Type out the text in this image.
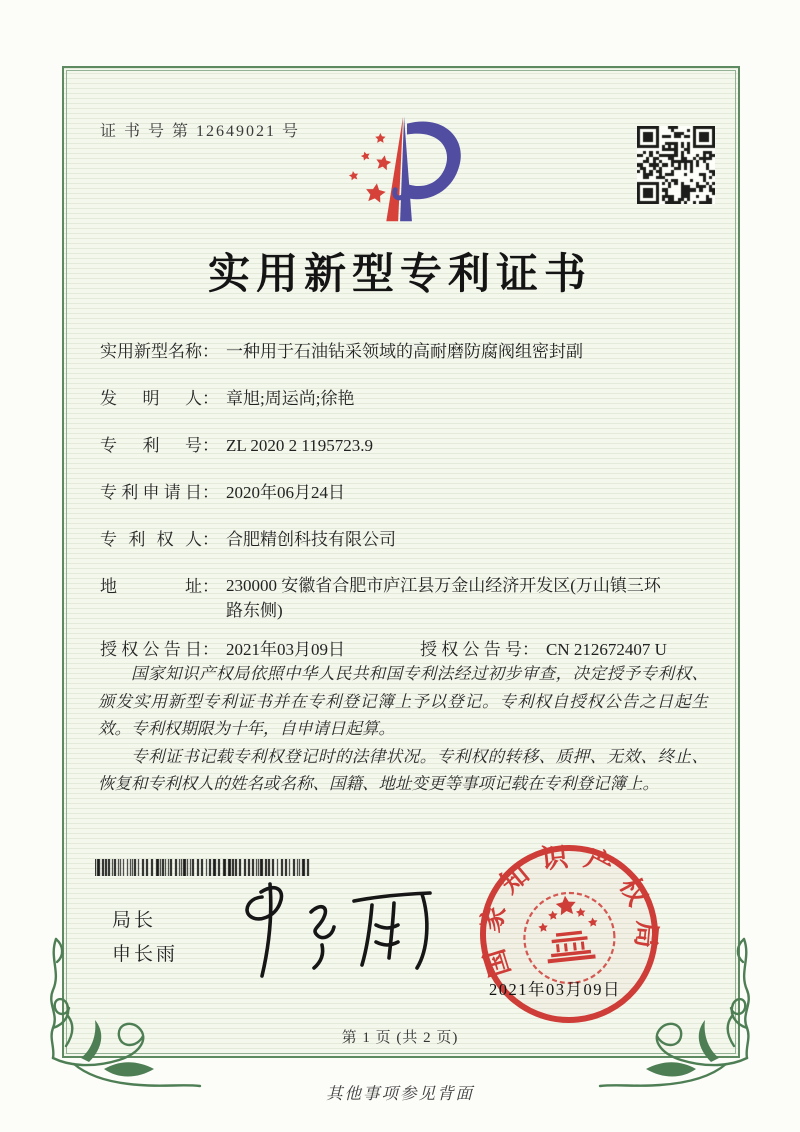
证 书 号 第 12649021 号
实用新型专利证书
实用新型名称： 一种用于石油钻采领域的高耐磨防腐阀组密封副
发明人： 章旭;周运尚;徐艳
专利号： ZL 2020 2 1195723.9
专利申请日： 2020年06月24日
专利权人： 合肥精创科技有限公司
地址： 230000 安徽省合肥市庐江县万金山经济开发区(万山镇三环路东侧)
授权公告日： 2021年03月09日	授权公告号： CN 212672407 U

国家知识产权局依照中华人民共和国专利法经过初步审查，决定授予专利权、颁发实用新型专利证书并在专利登记簿上予以登记。专利权自授权公告之日起生效。专利权期限为十年，自申请日起算。

专利证书记载专利权登记时的法律状况。专利权的转移、质押、无效、终止、恢复和专利权人的姓名或名称、国籍、地址变更等事项记载在专利登记簿上。

局长
申长雨	国家知识产权局
2021年03月09日
第 1 页 (共 2 页)
其他事项参见背面
